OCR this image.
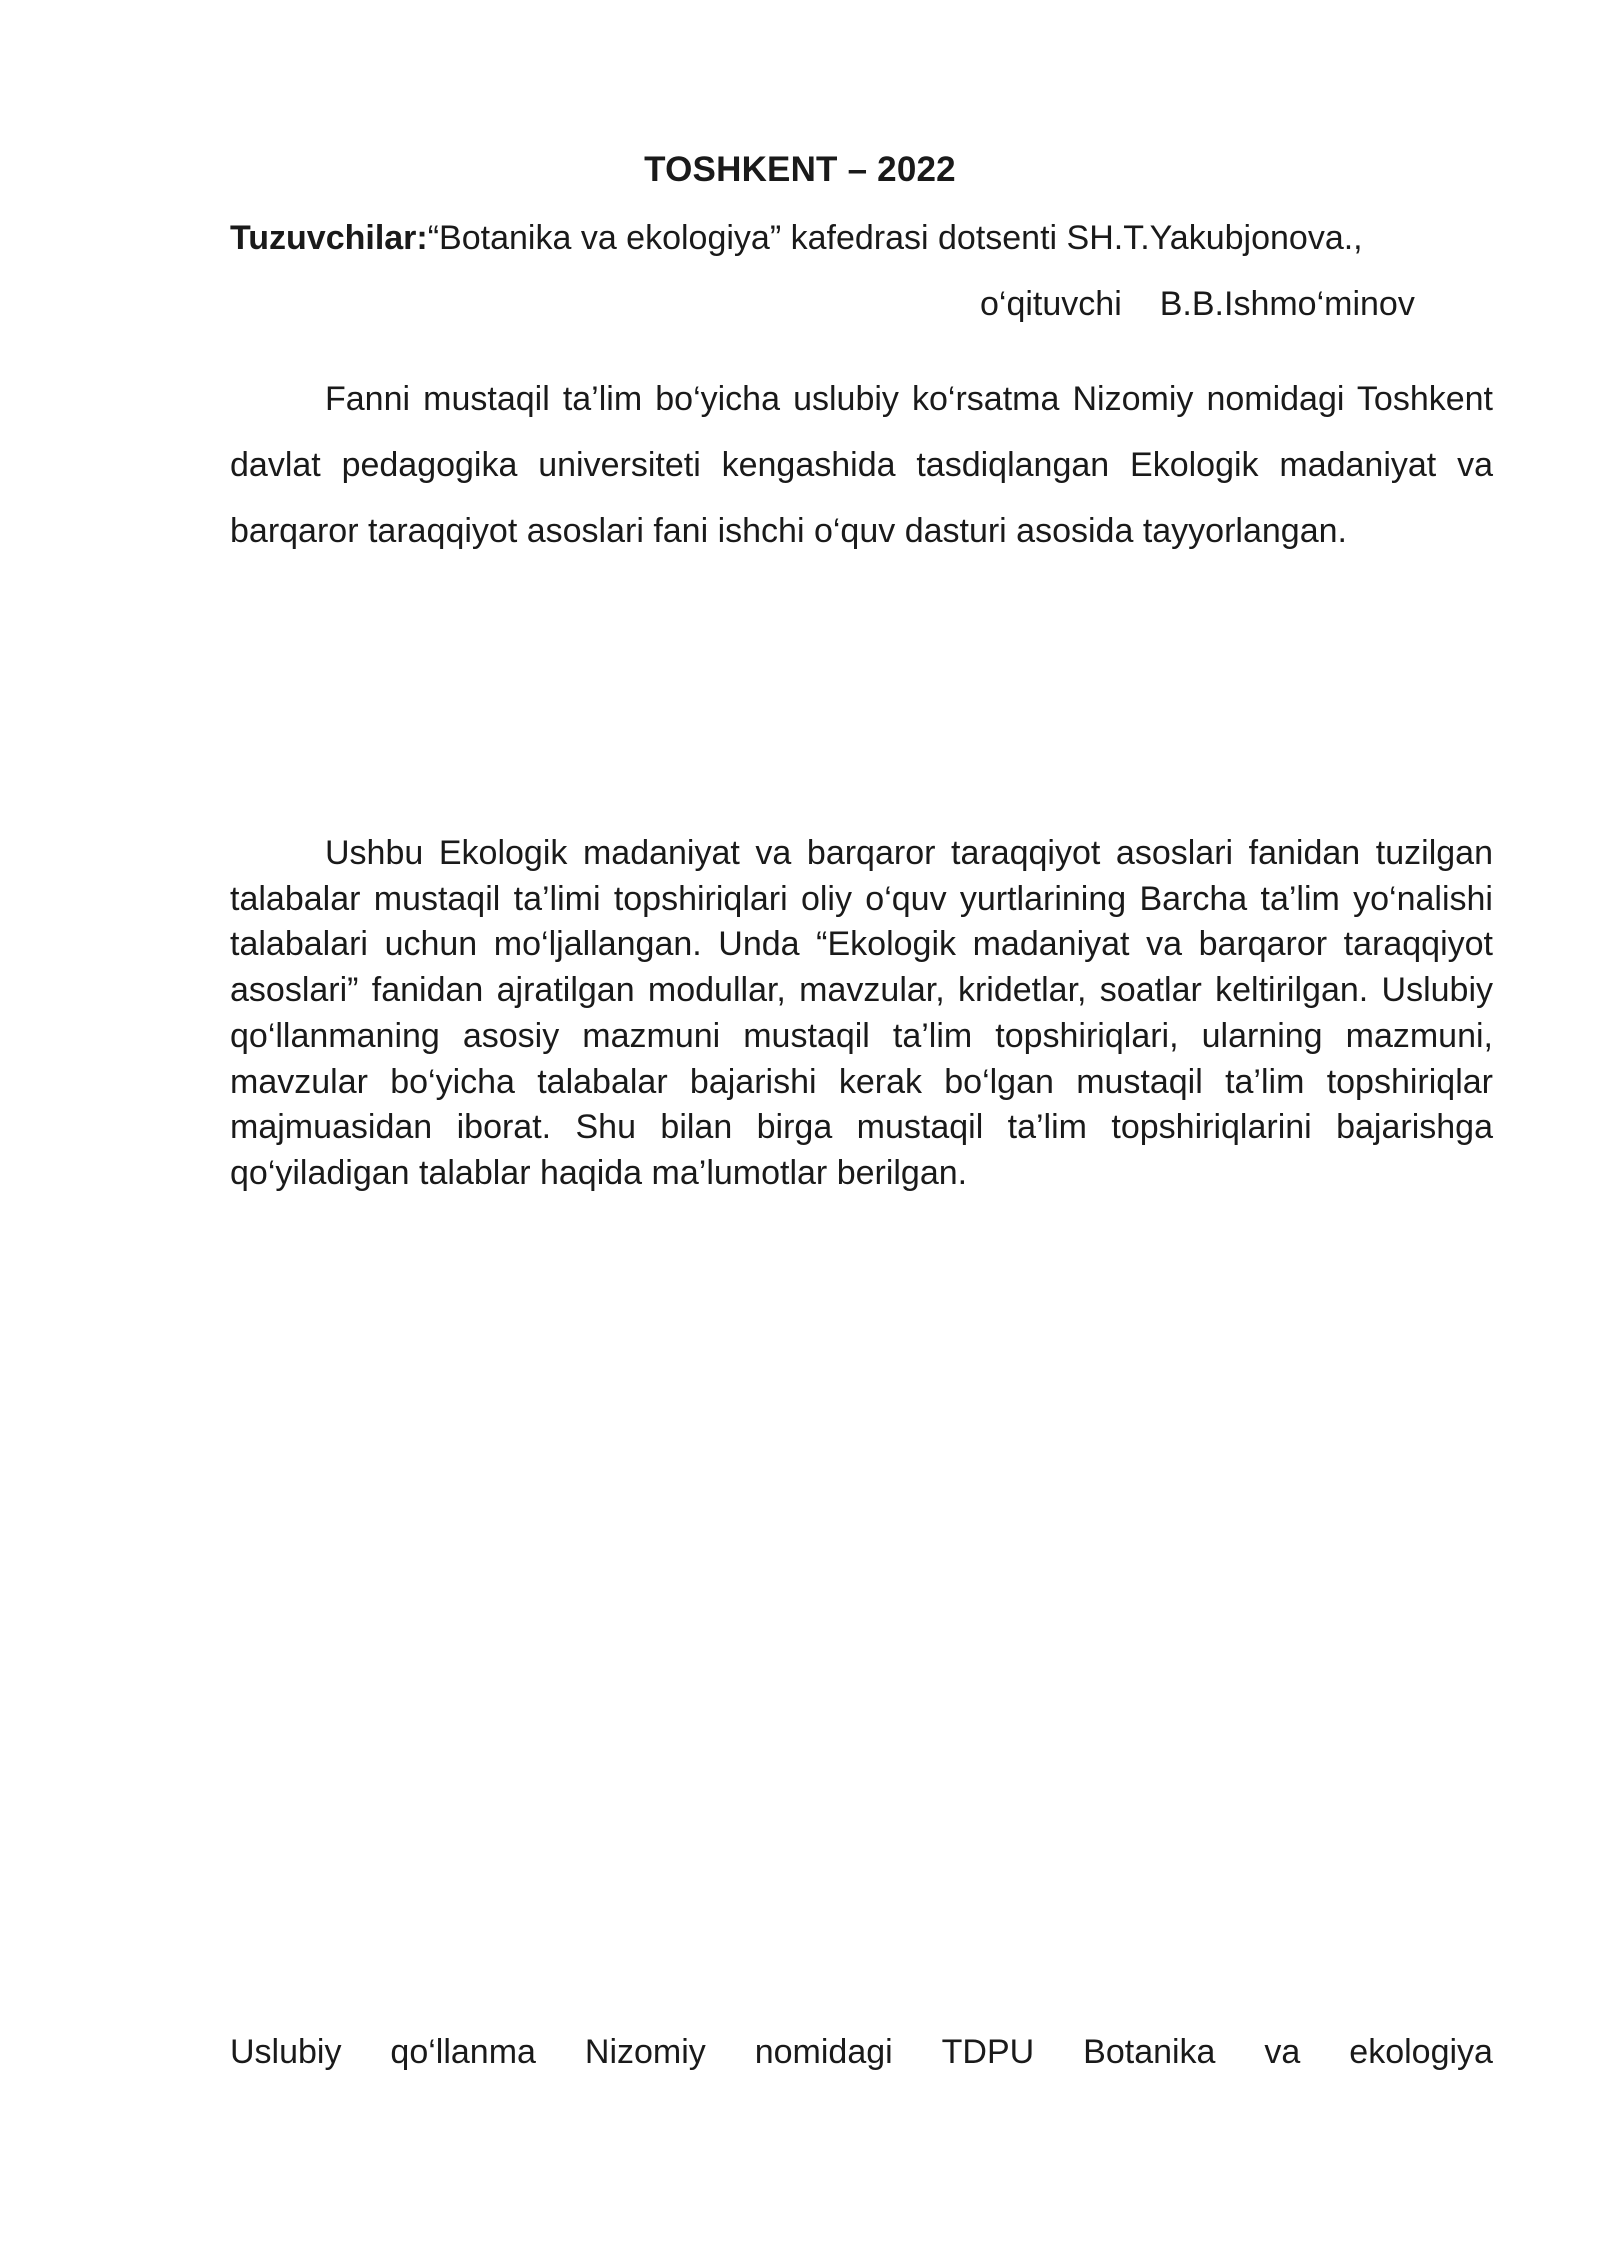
TOSHKENT – 2022
Tuzuvchilar:“Botanika va ekologiya” kafedrasi dotsenti SH.T.Yakubjonova.,
o‘qituvchi B.B.Ishmo‘minov

Fanni mustaqil ta’lim bo‘yicha uslubiy ko‘rsatma Nizomiy nomidagi Toshkent davlat pedagogika universiteti kengashida tasdiqlangan Ekologik madaniyat va barqaror taraqqiyot asoslari fani ishchi o‘quv dasturi asosida tayyorlangan.

Ushbu Ekologik madaniyat va barqaror taraqqiyot asoslari fanidan tuzilgan talabalar mustaqil ta’limi topshiriqlari oliy o‘quv yurtlarining Barcha ta’lim yo‘nalishi talabalari uchun mo‘ljallangan. Unda “Ekologik madaniyat va barqaror taraqqiyot asoslari” fanidan ajratilgan modullar, mavzular, kridetlar, soatlar keltirilgan. Uslubiy qo‘llanmaning asosiy mazmuni mustaqil ta’lim topshiriqlari, ularning mazmuni, mavzular bo‘yicha talabalar bajarishi kerak bo‘lgan mustaqil ta’lim topshiriqlar majmuasidan iborat. Shu bilan birga mustaqil ta’lim topshiriqlarini bajarishga qo‘yiladigan talablar haqida ma’lumotlar berilgan.

Uslubiy qo‘llanma Nizomiy nomidagi TDPU Botanika va ekologiya
